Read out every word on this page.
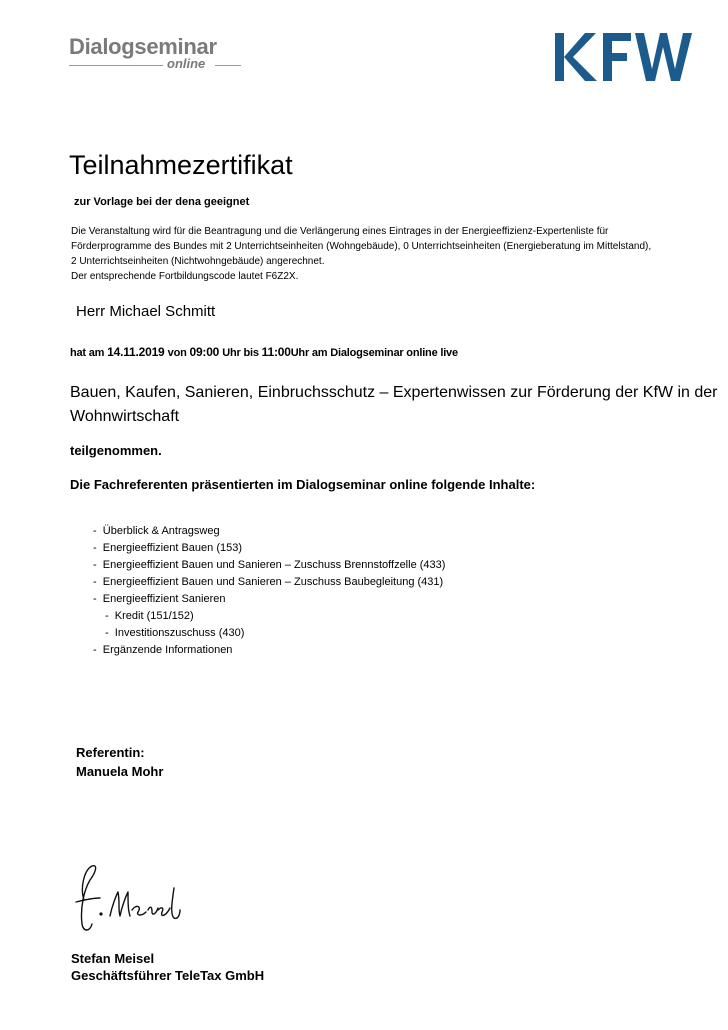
Dialogseminar
online
Teilnahmezertifikat
zur Vorlage bei der dena geeignet
Die Veranstaltung wird für die Beantragung und die Verlängerung eines Eintrages in der Energieeffizienz-Expertenliste für
Förderprogramme des Bundes mit 2 Unterrichtseinheiten (Wohngebäude), 0 Unterrichtseinheiten (Energieberatung im Mittelstand),
2 Unterrichtseinheiten (Nichtwohngebäude) angerechnet.
Der entsprechende Fortbildungscode lautet F6Z2X.
Herr Michael Schmitt
hat am 14.11.2019 von 09:00 Uhr bis 11:00Uhr am Dialogseminar online live
Bauen, Kaufen, Sanieren, Einbruchsschutz – Expertenwissen zur Förderung der KfW in der Wohnwirtschaft
teilgenommen.
Die Fachreferenten präsentierten im Dialogseminar online folgende Inhalte:
-  Überblick & Antragsweg
-  Energieeffizient Bauen (153)
-  Energieeffizient Bauen und Sanieren – Zuschuss Brennstoffzelle (433)
-  Energieeffizient Bauen und Sanieren – Zuschuss Baubegleitung (431)
-  Energieeffizient Sanieren
-  Kredit (151/152)
-  Investitionszuschuss (430)
-  Ergänzende Informationen
Referentin:
Manuela Mohr
Stefan Meisel
Geschäftsführer TeleTax GmbH
